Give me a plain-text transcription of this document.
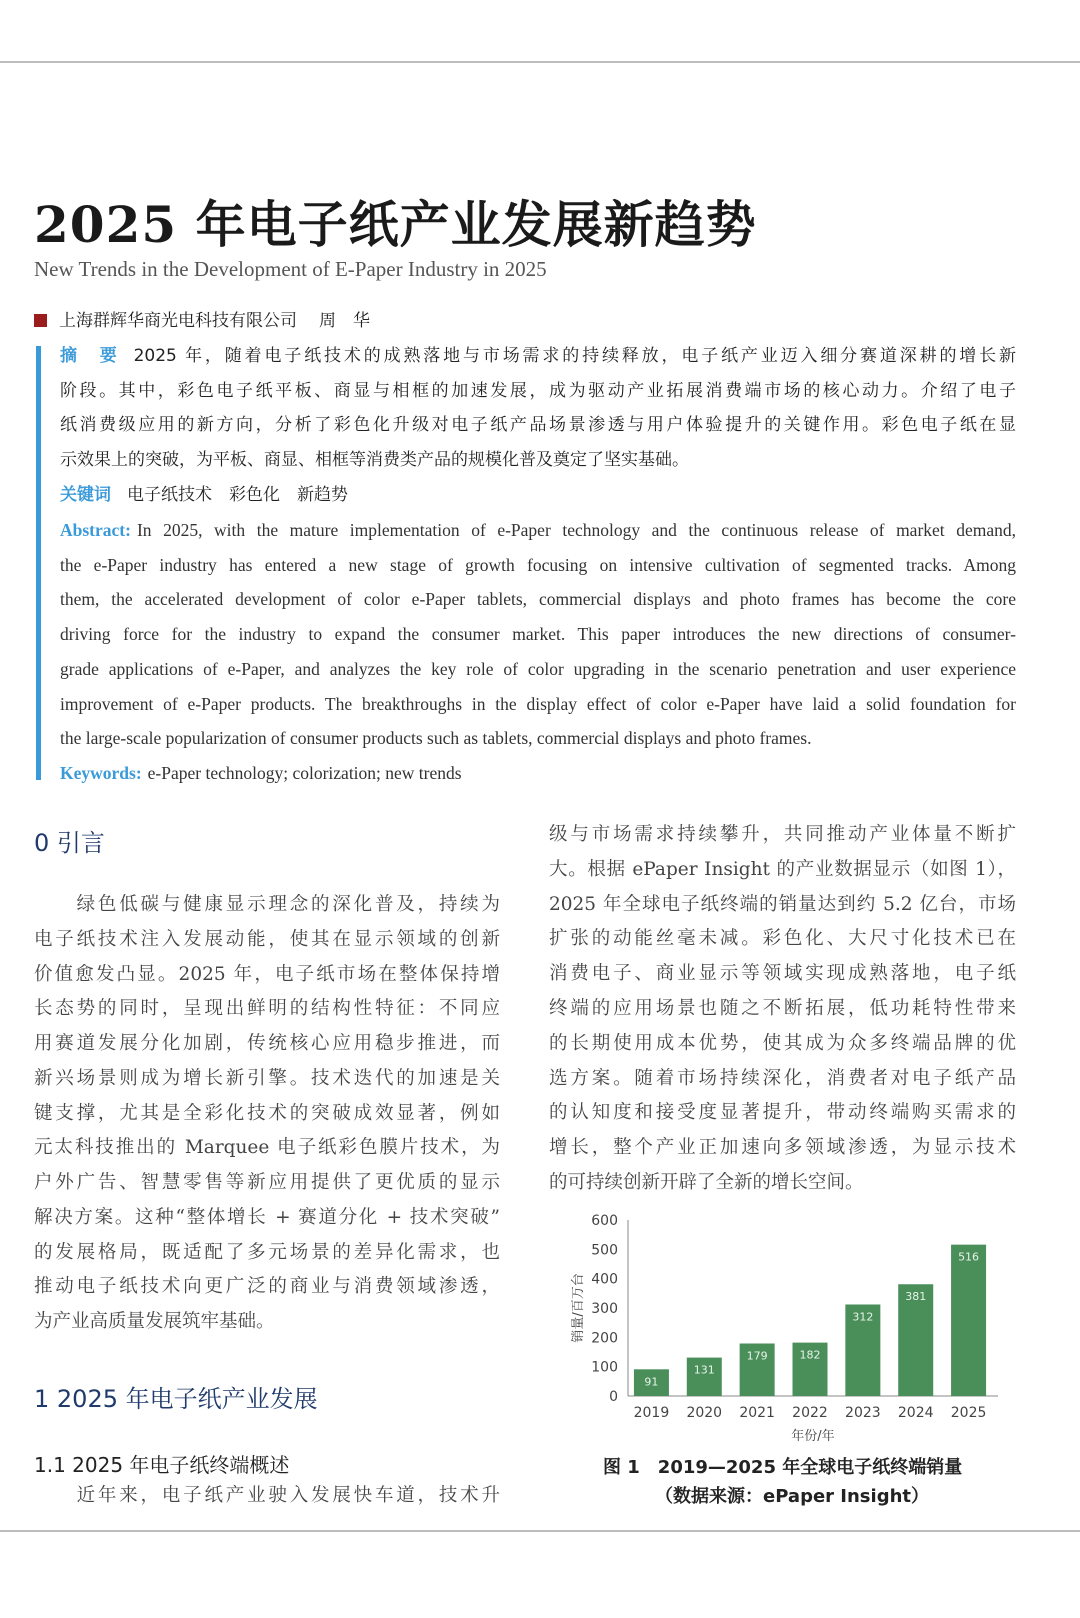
2025 年电子纸产业发展新趋势
New Trends in the Development of E-Paper Industry in 2025
上海群辉华商光电科技有限公司 周　华
摘　要 2025 年，随着电子纸技术的成熟落地与市场需求的持续释放，电子纸产业迈入细分赛道深耕的增长新
阶段。其中，彩色电子纸平板、商显与相框的加速发展，成为驱动产业拓展消费端市场的核心动力。介绍了电子
纸消费级应用的新方向，分析了彩色化升级对电子纸产品场景渗透与用户体验提升的关键作用。彩色电子纸在显
示效果上的突破，为平板、商显、相框等消费类产品的规模化普及奠定了坚实基础。
关键词 电子纸技术　彩色化　新趋势
Abstract: In 2025, with the mature implementation of e-Paper technology and the continuous release of market demand,
the e-Paper industry has entered a new stage of growth focusing on intensive cultivation of segmented tracks. Among
them, the accelerated development of color e-Paper tablets, commercial displays and photo frames has become the core
driving force for the industry to expand the consumer market. This paper introduces the new directions of consumer-
grade applications of e-Paper, and analyzes the key role of color upgrading in the scenario penetration and user experience
improvement of e-Paper products. The breakthroughs in the display effect of color e-Paper have laid a solid foundation for
the large-scale popularization of consumer products such as tablets, commercial displays and photo frames.
Keywords: e-Paper technology; colorization; new trends
　　绿色低碳与健康显示理念的深化普及，持续为
电子纸技术注入发展动能，使其在显示领域的创新
价值愈发凸显。2025 年，电子纸市场在整体保持增
长态势的同时，呈现出鲜明的结构性特征：不同应
用赛道发展分化加剧，传统核心应用稳步推进，而
新兴场景则成为增长新引擎。技术迭代的加速是关
键支撑，尤其是全彩化技术的突破成效显著，例如
元太科技推出的 Marquee 电子纸彩色膜片技术，为
户外广告、智慧零售等新应用提供了更优质的显示
解决方案。这种“整体增长 + 赛道分化 + 技术突破”
的发展格局，既适配了多元场景的差异化需求，也
推动电子纸技术向更广泛的商业与消费领域渗透，
为产业高质量发展筑牢基础。
　　近年来，电子纸产业驶入发展快车道，技术升
级与市场需求持续攀升，共同推动产业体量不断扩
大。根据 ePaper Insight 的产业数据显示（如图 1），
2025 年全球电子纸终端的销量达到约 5.2 亿台，市场
扩张的动能丝毫未减。彩色化、大尺寸化技术已在
消费电子、商业显示等领域实现成熟落地，电子纸
终端的应用场景也随之不断拓展，低功耗特性带来
的长期使用成本优势，使其成为众多终端品牌的优
选方案。随着市场持续深化，消费者对电子纸产品
的认知度和接受度显著提升，带动终端购买需求的
增长，整个产业正加速向多领域渗透，为显示技术
的可持续创新开辟了全新的增长空间。
0 引言
1 2025 年电子纸产业发展
1.1 2025 年电子纸终端概述
0
100
200
300
400
500
600
91
2019
131
2020
179
2021
182
2022
312
2023
381
2024
516
2025
年份/年
销量/百万台
图 1　2019—2025 年全球电子纸终端销量
（数据来源：ePaper Insight）
